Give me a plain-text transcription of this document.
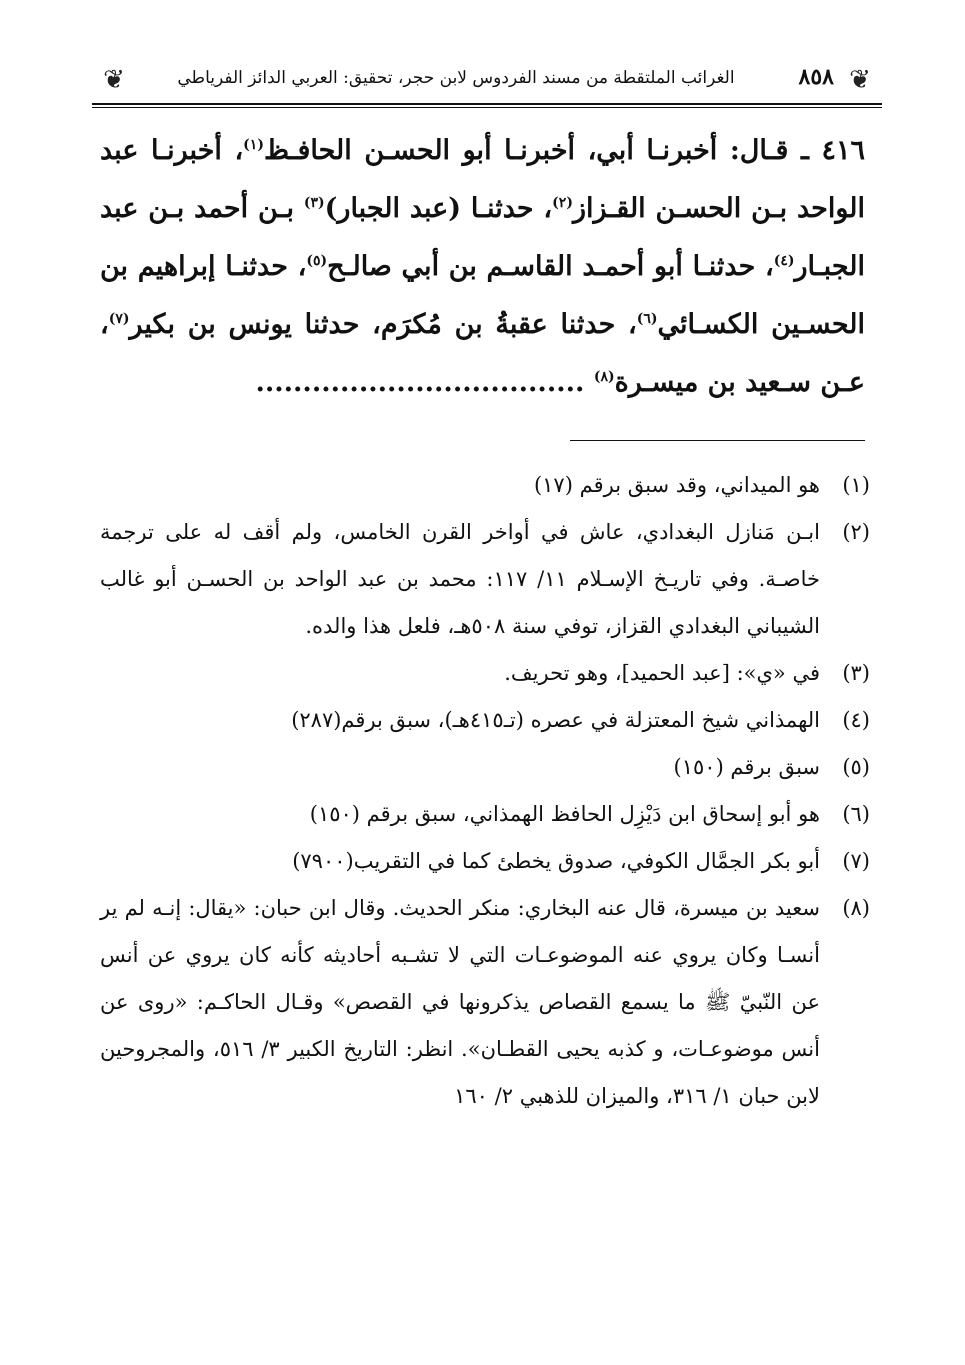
❦
٨٥٨
الغرائب الملتقطة من مسند الفردوس لابن حجر، تحقيق: العربي الدائز الفرياطي
❦

٤١٦ ـ قـال: أخبرنـا أبي، أخبرنـا أبو الحسـن الحافـظ$^{(١)}$، أخبرنـا عبد الواحد بـن الحسـن القـزاز$^{(٢)}$، حدثنـا (عبد الجبار)$^{(٣)}$ بـن أحمد بـن عبد الجبـار$^{(٤)}$، حدثنـا أبو أحمـد القاسـم بن أبي صالـح$^{(٥)}$، حدثنـا إبراهيم بن الحسـين الكسـائي$^{(٦)}$، حدثنا عقبةُ بن مُكرَم، حدثنا يونس بن بكير$^{(٧)}$، عـن سـعيد بن ميسـرة$^{(٨)}$ ...................................

(١)
هو الميداني، وقد سبق برقم (١٧)
(٢)
ابـن مَنازل البغدادي، عاش في أواخر القرن الخامس، ولم أقف له على ترجمة خاصـة. وفي تاريـخ الإسـلام ١١/ ١١٧: محمد بن عبد الواحد بن الحسـن أبو غالب الشيباني البغدادي القزاز، توفي سنة ٥٠٨هـ، فلعل هذا والده.
(٣)
في «ي»: [عبد الحميد]، وهو تحريف.
(٤)
الهمذاني شيخ المعتزلة في عصره (تـ٤١٥هـ)، سبق برقم(٢٨٧)
(٥)
سبق برقم (١٥٠)
(٦)
هو أبو إسحاق ابن دَيْزِل الحافظ الهمذاني، سبق برقم (١٥٠)
(٧)
أبو بكر الجمَّال الكوفي، صدوق يخطئ كما في التقريب(٧٩٠٠)
(٨)
سعيد بن ميسرة، قال عنه البخاري: منكر الحديث. وقال ابن حبان: «يقال: إنـه لم ير أنسـا وكان يروي عنه الموضوعـات التي لا تشـبه أحاديثه كأنه كان يروي عن أنس عن النّبيّ ﷺ ما يسمع القصاص يذكرونها في القصص» وقـال الحاكـم: «روى عن أنس موضوعـات، و كذبه يحيى القطـان». انظر: التاريخ الكبير ٣/ ٥١٦، والمجروحين لابن حبان ١/ ٣١٦، والميزان للذهبي ٢/ ١٦٠
